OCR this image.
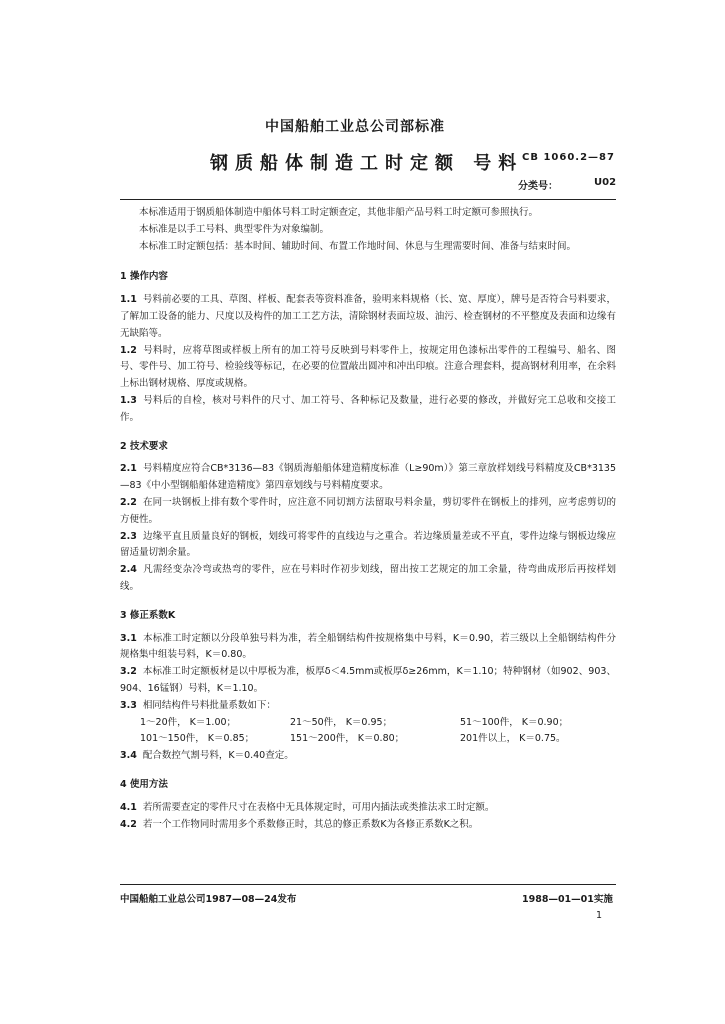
中国船舶工业总公司部标准
钢质船体制造工时定额 号料
CB 1060.2—87
分类号：	U02

本标准适用于钢质船体制造中船体号料工时定额查定，其他非船产品号料工时定额可参照执行。

本标准是以手工号料、典型零件为对象编制。

本标准工时定额包括：基本时间、辅助时间、布置工作地时间、休息与生理需要时间、准备与结束时间。

1 操作内容

1.1 号料前必要的工具、草图、样板、配套表等资料准备，验明来料规格（长、宽、厚度），牌号是否符合号料要求，了解加工设备的能力、尺度以及构件的加工工艺方法，清除钢材表面垃圾、油污、检查钢材的不平整度及表面和边缘有无缺陷等。

1.2 号料时，应将草图或样板上所有的加工符号反映到号料零件上，按规定用色漆标出零件的工程编号、船名、图号、零件号、加工符号、检验线等标记，在必要的位置敲出圆冲和冲出印痕。注意合理套料，提高钢材利用率，在余料上标出钢材规格、厚度或规格。

1.3 号料后的自检，核对号料件的尺寸、加工符号、各种标记及数量，进行必要的修改，并做好完工总收和交接工作。

2 技术要求

2.1 号料精度应符合CB*3136—83《钢质海船船体建造精度标准（L≥90m）》第三章放样划线号料精度及CB*3135—83《中小型钢船船体建造精度》第四章划线与号料精度要求。

2.2 在同一块钢板上排有数个零件时，应注意不同切割方法留取号料余量，剪切零件在钢板上的排列，应考虑剪切的方便性。

2.3 边缘平直且质量良好的钢板，划线可将零件的直线边与之重合。若边缘质量差或不平直，零件边缘与钢板边缘应留适量切割余量。

2.4 凡需经变杂冷弯或热弯的零件，应在号料时作初步划线，留出按工艺规定的加工余量，待弯曲成形后再按样划线。

3 修正系数K

3.1 本标准工时定额以分段单独号料为准，若全船钢结构件按规格集中号料，K＝0.90，若三级以上全船钢结构件分规格集中组装号料，K＝0.80。

3.2 本标准工时定额板材是以中厚板为准，板厚δ＜4.5mm或板厚δ≥26mm，K＝1.10；特种钢材（如902、903、904、16锰钢）号料，K＝1.10。

3.3 相同结构件号料批量系数如下：

1～20件， K＝1.00；	21～50件， K＝0.95；	51～100件， K＝0.90；
101～150件， K＝0.85；	151～200件， K＝0.80；	201件以上， K＝0.75。

3.4 配合数控气割号料，K＝0.40查定。

4 使用方法

4.1 若所需要查定的零件尺寸在表格中无具体规定时，可用内插法或类推法求工时定额。

4.2 若一个工作物同时需用多个系数修正时，其总的修正系数K为各修正系数K之积。

中国船舶工业总公司1987—08—24发布	1988—01—01实施
1
